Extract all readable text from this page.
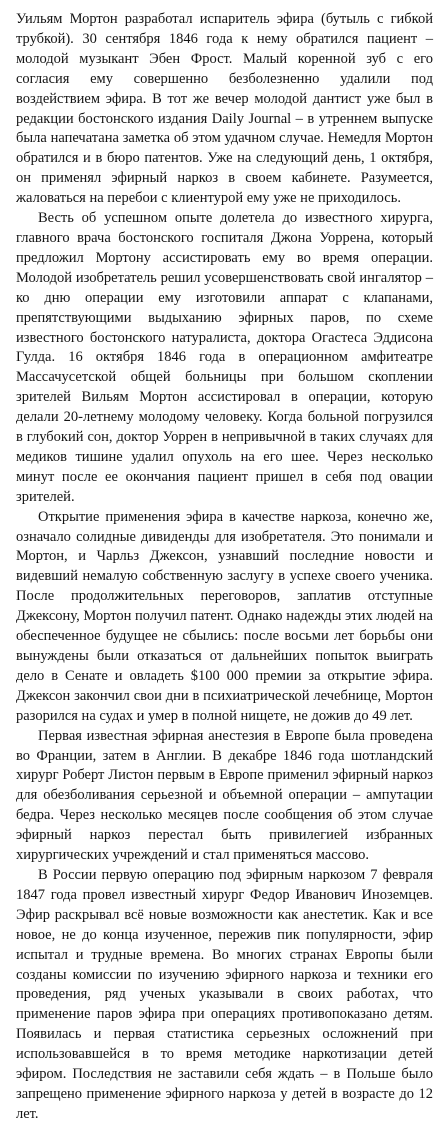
Уильям Мортон разработал испаритель эфира (бутыль с гибкой трубкой). 30 сентября 1846 года к нему обратился пациент – молодой музыкант Эбен Фрост. Малый коренной зуб с его согласия ему совершенно безболезненно удалили под воздействием эфира. В тот же вечер молодой дантист уже был в редакции бостонского издания Daily Journal – в утреннем выпуске была напечатана заметка об этом удачном случае. Немедля Мортон обратился и в бюро патентов. Уже на следующий день, 1 октября, он применял эфирный наркоз в своем кабинете. Разумеется, жаловаться на перебои с клиентурой ему уже не приходилось.

Весть об успешном опыте долетела до известного хирурга, главного врача бостонского госпиталя Джона Уоррена, который предложил Мортону ассистировать ему во время операции. Молодой изобретатель решил усовершенствовать свой ингалятор – ко дню операции ему изготовили аппарат с клапанами, препятствующими выдыханию эфирных паров, по схеме известного бостонского натуралиста, доктора Огастеса Эддисона Гулда. 16 октября 1846 года в операционном амфитеатре Массачусетской общей больницы при большом скоплении зрителей Вильям Мортон ассистировал в операции, которую делали 20-летнему молодому человеку. Когда больной погрузился в глубокий сон, доктор Уоррен в непривычной в таких случаях для медиков тишине удалил опухоль на его шее. Через несколько минут после ее окончания пациент пришел в себя под овации зрителей.

Открытие применения эфира в качестве наркоза, конечно же, означало солидные дивиденды для изобретателя. Это понимали и Мортон, и Чарльз Джексон, узнавший последние новости и видевший немалую собственную заслугу в успехе своего ученика. После продолжительных переговоров, заплатив отступные Джексону, Мортон получил патент. Однако надежды этих людей на обеспеченное будущее не сбылись: после восьми лет борьбы они вынуждены были отказаться от дальнейших попыток выиграть дело в Сенате и овладеть $100 000 премии за открытие эфира. Джексон закончил свои дни в психиатрической лечебнице, Мортон разорился на судах и умер в полной нищете, не дожив до 49 лет.

Первая известная эфирная анестезия в Европе была проведена во Франции, затем в Англии. В декабре 1846 года шотландский хирург Роберт Листон первым в Европе применил эфирный наркоз для обезболивания серьезной и объемной операции – ампутации бедра. Через несколько месяцев после сообщения об этом случае эфирный наркоз перестал быть привилегией избранных хирургических учреждений и стал применяться массово.

В России первую операцию под эфирным наркозом 7 февраля 1847 года провел известный хирург Федор Иванович Иноземцев. Эфир раскрывал всё новые возможности как анестетик. Как и все новое, не до конца изученное, пережив пик популярности, эфир испытал и трудные времена. Во многих странах Европы были созданы комиссии по изучению эфирного наркоза и техники его проведения, ряд ученых указывали в своих работах, что применение паров эфира при операциях противопоказано детям. Появилась и первая статистика серьезных осложнений при использовавшейся в то время методике наркотизации детей эфиром. Последствия не заставили себя ждать – в Польше было запрещено применение эфирного наркоза у детей в возрасте до 12 лет.
